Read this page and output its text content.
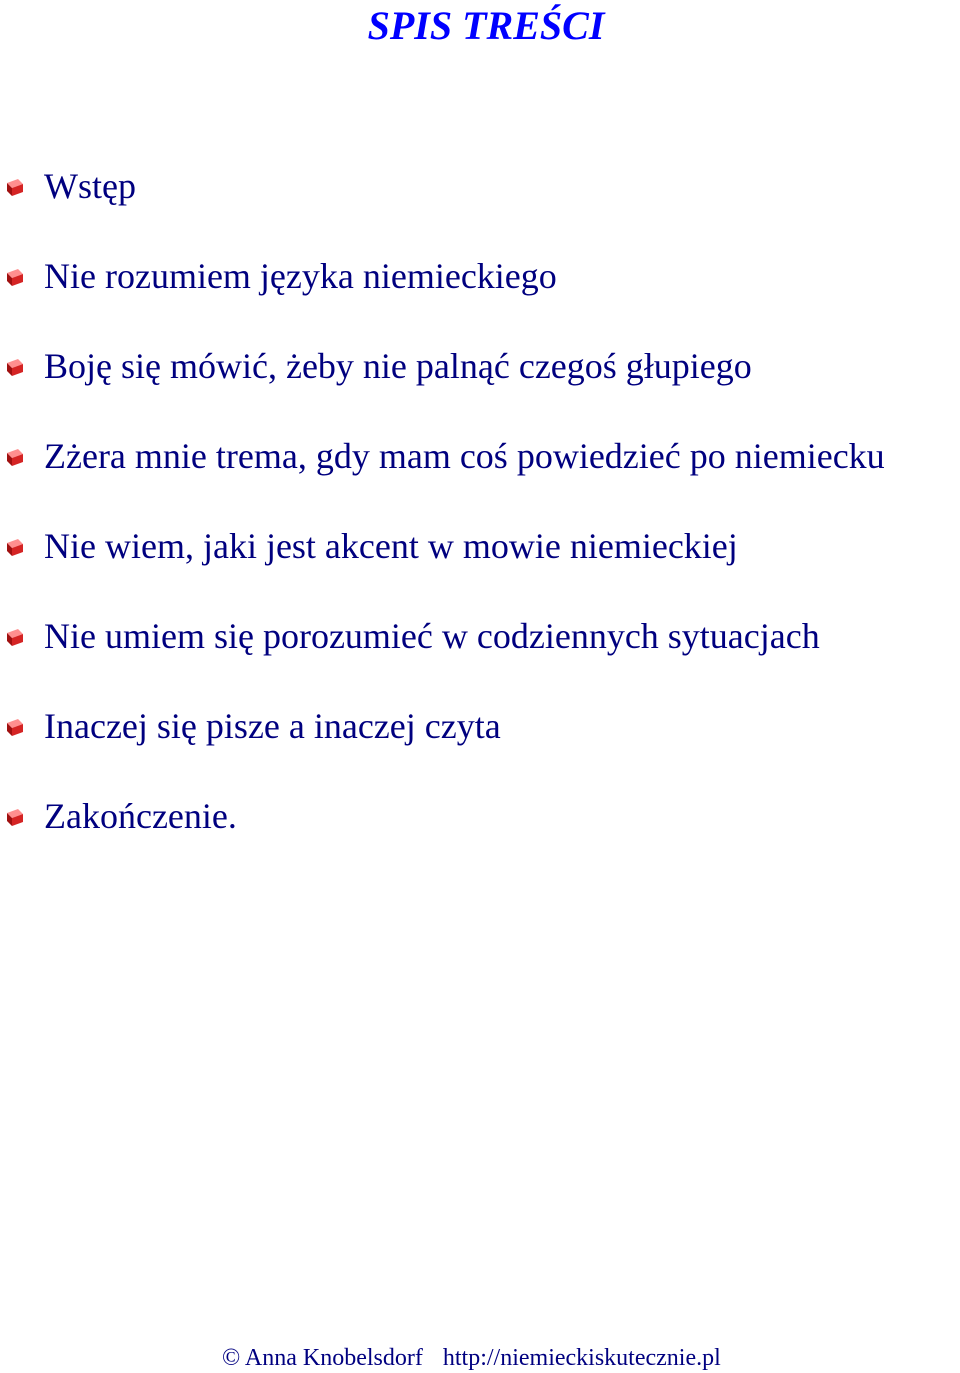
SPIS TREŚCI
Wstęp
Nie rozumiem języka niemieckiego
Boję się mówić, żeby nie palnąć czegoś głupiego
Zżera mnie trema, gdy mam coś powiedzieć po niemiecku
Nie wiem, jaki jest akcent w mowie niemieckiej
Nie umiem się porozumieć w codziennych sytuacjach
Inaczej się pisze a inaczej czyta
Zakończenie.
© Anna Knobelsdorf http://niemieckiskutecznie.pl
